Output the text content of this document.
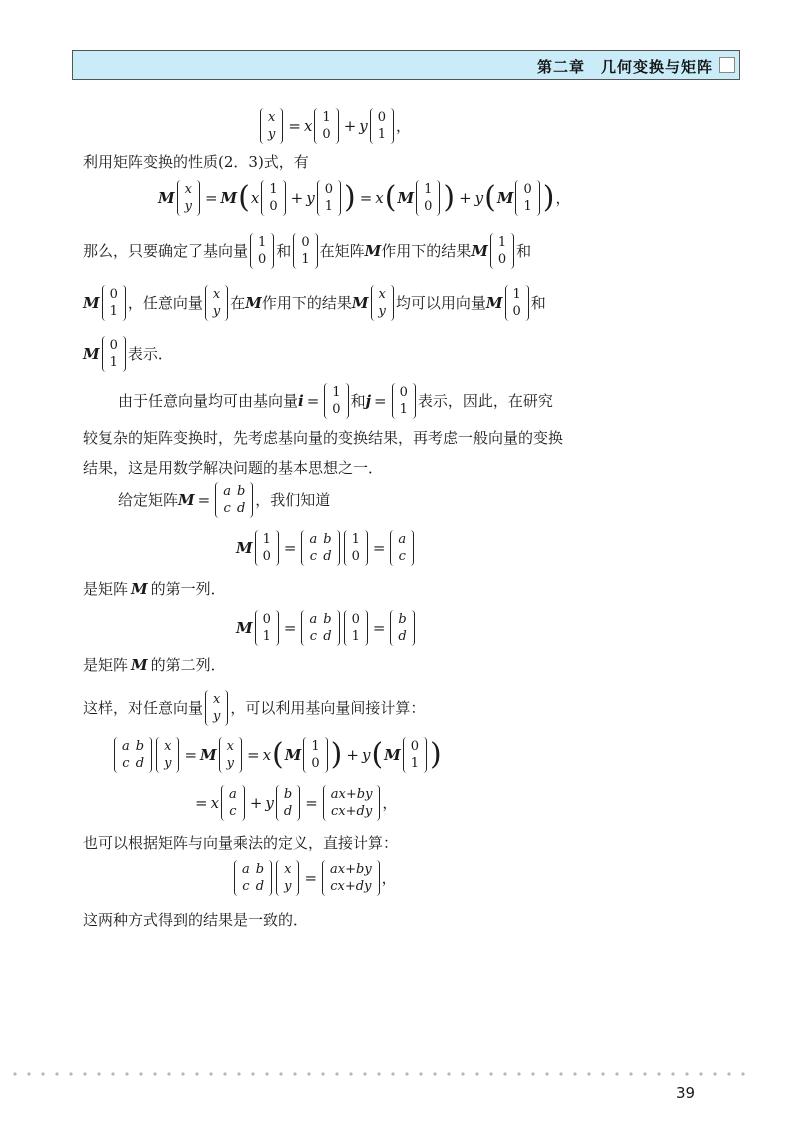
第二章　几何变换与矩阵
x
y = x 1
0 + y 0
1 ，
利用矩阵变换的性质(2．3)式，有
M x
y = M ( x 1
0 + y 0
1 ) = x ( M 1
0 ) + y ( M 0
1 ) ，
那么，只要确定了基向量 1
0 和 0
1 在矩阵 M 作用下的结果 M 1
0 和
M 0
1 ，任意向量 x
y 在 M 作用下的结果 M x
y 均可以用向量 M 1
0 和
M 0
1 表示．
由于任意向量均可由基向量 i = 1
0 和 j = 0
1 表示，因此，在研究
较复杂的矩阵变换时，先考虑基向量的变换结果，再考虑一般向量的变换结果，这是用数学解决问题的基本思想之一．
给定矩阵 M = a
c
b
d ，我们知道
M 1
0 = a
c
b
d
1
0 = a
c
是矩阵 M 的第一列．
M 0
1 = a
c
b
d
0
1 = b
d
是矩阵 M 的第二列．
这样，对任意向量 x
y ，可以利用基向量间接计算：
a
c
b
d
x
y = M x
y = x ( M 1
0 ) + y ( M 0
1 )
= x a
c + y b
d = ax+by
cx+dy ，
也可以根据矩阵与向量乘法的定义，直接计算：
a
c
b
d
x
y = ax+by
cx+dy ，
这两种方式得到的结果是一致的．
39
